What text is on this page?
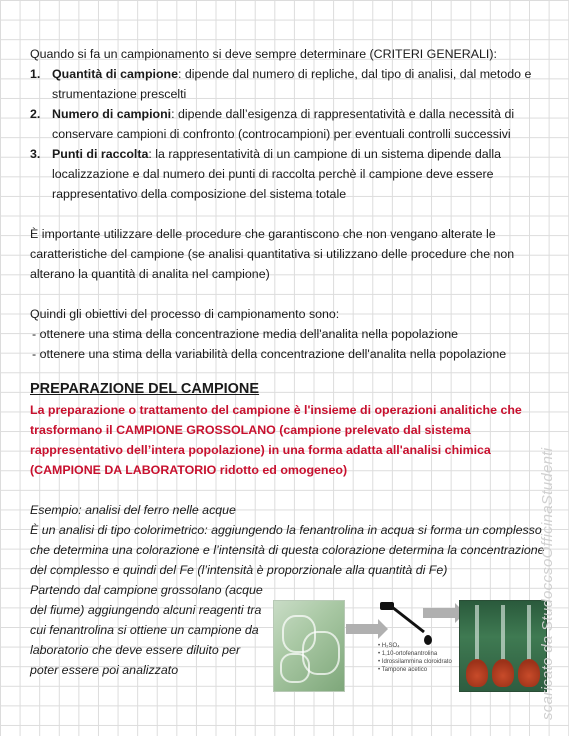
Quando si fa un campionamento si deve sempre determinare (CRITERI GENERALI):

1. Quantità di campione: dipende dal numero di repliche, dal tipo di analisi, dal metodo e strumentazione prescelti
2. Numero di campioni: dipende dall’esigenza di rappresentatività e dalla necessità di conservare campioni di confronto (controcampioni) per eventuali controlli successivi
3. Punti di raccolta: la rappresentatività di un campione di un sistema dipende dalla localizzazione e dal numero dei punti di raccolta perchè il campione deve essere rappresentativo della composizione del sistema totale

È importante utilizzare delle procedure che garantiscono che non vengano alterate le caratteristiche del campione (se analisi quantitativa si utilizzano delle procedure che non alterano la quantità di analita nel campione)

Quindi gli obiettivi del processo di campionamento sono:

- ottenere una stima della concentrazione media dell'analita nella popolazione

- ottenere una stima della variabilità della concentrazione dell'analita nella popolazione

PREPARAZIONE DEL CAMPIONE

La preparazione o trattamento del campione è l'insieme di operazioni analitiche che trasformano il CAMPIONE GROSSOLANO (campione prelevato dal sistema rappresentativo dell’intera popolazione) in una forma adatta all'analisi chimica (CAMPIONE DA LABORATORIO ridotto ed omogeneo)

Esempio: analisi del ferro nelle acque

È un analisi di tipo colorimetrico: aggiungendo la fenantrolina in acqua si forma un complesso che determina una colorazione e l’intensità di questa colorazione determina la concentrazione del complesso e quindi del Fe (l’intensità è proporzionale alla quantità di Fe)

Partendo dal campione grossolano (acque del fiume) aggiungendo alcuni reagenti tra cui fenantrolina si ottiene un campione da laboratorio che deve essere diluito per poter essere poi analizzato

• H₂SO₄
• 1,10-ortofenantrolina
• Idrossilammina cloroidrato
• Tampone acetico	scaricato da StudoccsoOfficinaStudenti
